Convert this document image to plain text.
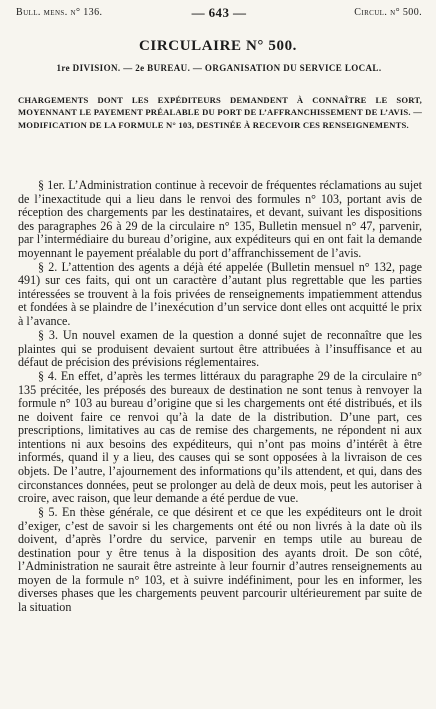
Bull. mens. n° 136.	— 643 —	Circul. n° 500.
CIRCULAIRE N° 500.
1re DIVISION. — 2e BUREAU. — ORGANISATION DU SERVICE LOCAL.
CHARGEMENTS DONT LES EXPÉDITEURS DEMANDENT À CONNAÎTRE LE SORT, MOYENNANT LE PAYEMENT PRÉALABLE DU PORT DE L’AFFRANCHISSEMENT DE L’AVIS. — MODIFICATION DE LA FORMULE N° 103, DESTINÉE À RECEVOIR CES RENSEIGNEMENTS.

§ 1er. L’Administration continue à recevoir de fréquentes réclamations au sujet de l’inexactitude qui a lieu dans le renvoi des formules n° 103, portant avis de réception des chargements par les destinataires, et devant, suivant les dispositions des paragraphes 26 à 29 de la circulaire n° 135, Bulletin mensuel n° 47, parvenir, par l’intermédiaire du bureau d’origine, aux expéditeurs qui en ont fait la demande moyennant le payement préalable du port d’affranchissement de l’avis.

§ 2. L’attention des agents a déjà été appelée (Bulletin mensuel n° 132, page 491) sur ces faits, qui ont un caractère d’autant plus regrettable que les parties intéressées se trouvent à la fois privées de renseignements impatiemment attendus et fondées à se plaindre de l’inexécution d’un service dont elles ont acquitté le prix à l’avance.

§ 3. Un nouvel examen de la question a donné sujet de reconnaître que les plaintes qui se produisent devaient surtout être attribuées à l’insuffisance et au défaut de précision des prévisions réglementaires.

§ 4. En effet, d’après les termes littéraux du paragraphe 29 de la circulaire n° 135 précitée, les préposés des bureaux de destination ne sont tenus à renvoyer la formule n° 103 au bureau d’origine que si les chargements ont été distribués, et ils ne doivent faire ce renvoi qu’à la date de la distribution. D’une part, ces prescriptions, limitatives au cas de remise des chargements, ne répondent ni aux intentions ni aux besoins des expéditeurs, qui n’ont pas moins d’intérêt à être informés, quand il y a lieu, des causes qui se sont opposées à la livraison de ces objets. De l’autre, l’ajournement des informations qu’ils attendent, et qui, dans des circonstances données, peut se prolonger au delà de deux mois, peut les autoriser à croire, avec raison, que leur demande a été perdue de vue.

§ 5. En thèse générale, ce que désirent et ce que les expéditeurs ont le droit d’exiger, c’est de savoir si les chargements ont été ou non livrés à la date où ils doivent, d’après l’ordre du service, parvenir en temps utile au bureau de destination pour y être tenus à la disposition des ayants droit. De son côté, l’Administration ne saurait être astreinte à leur fournir d’autres renseignements au moyen de la formule n° 103, et à suivre indéfiniment, pour les en informer, les diverses phases que les chargements peuvent parcourir ultérieurement par suite de la situation
